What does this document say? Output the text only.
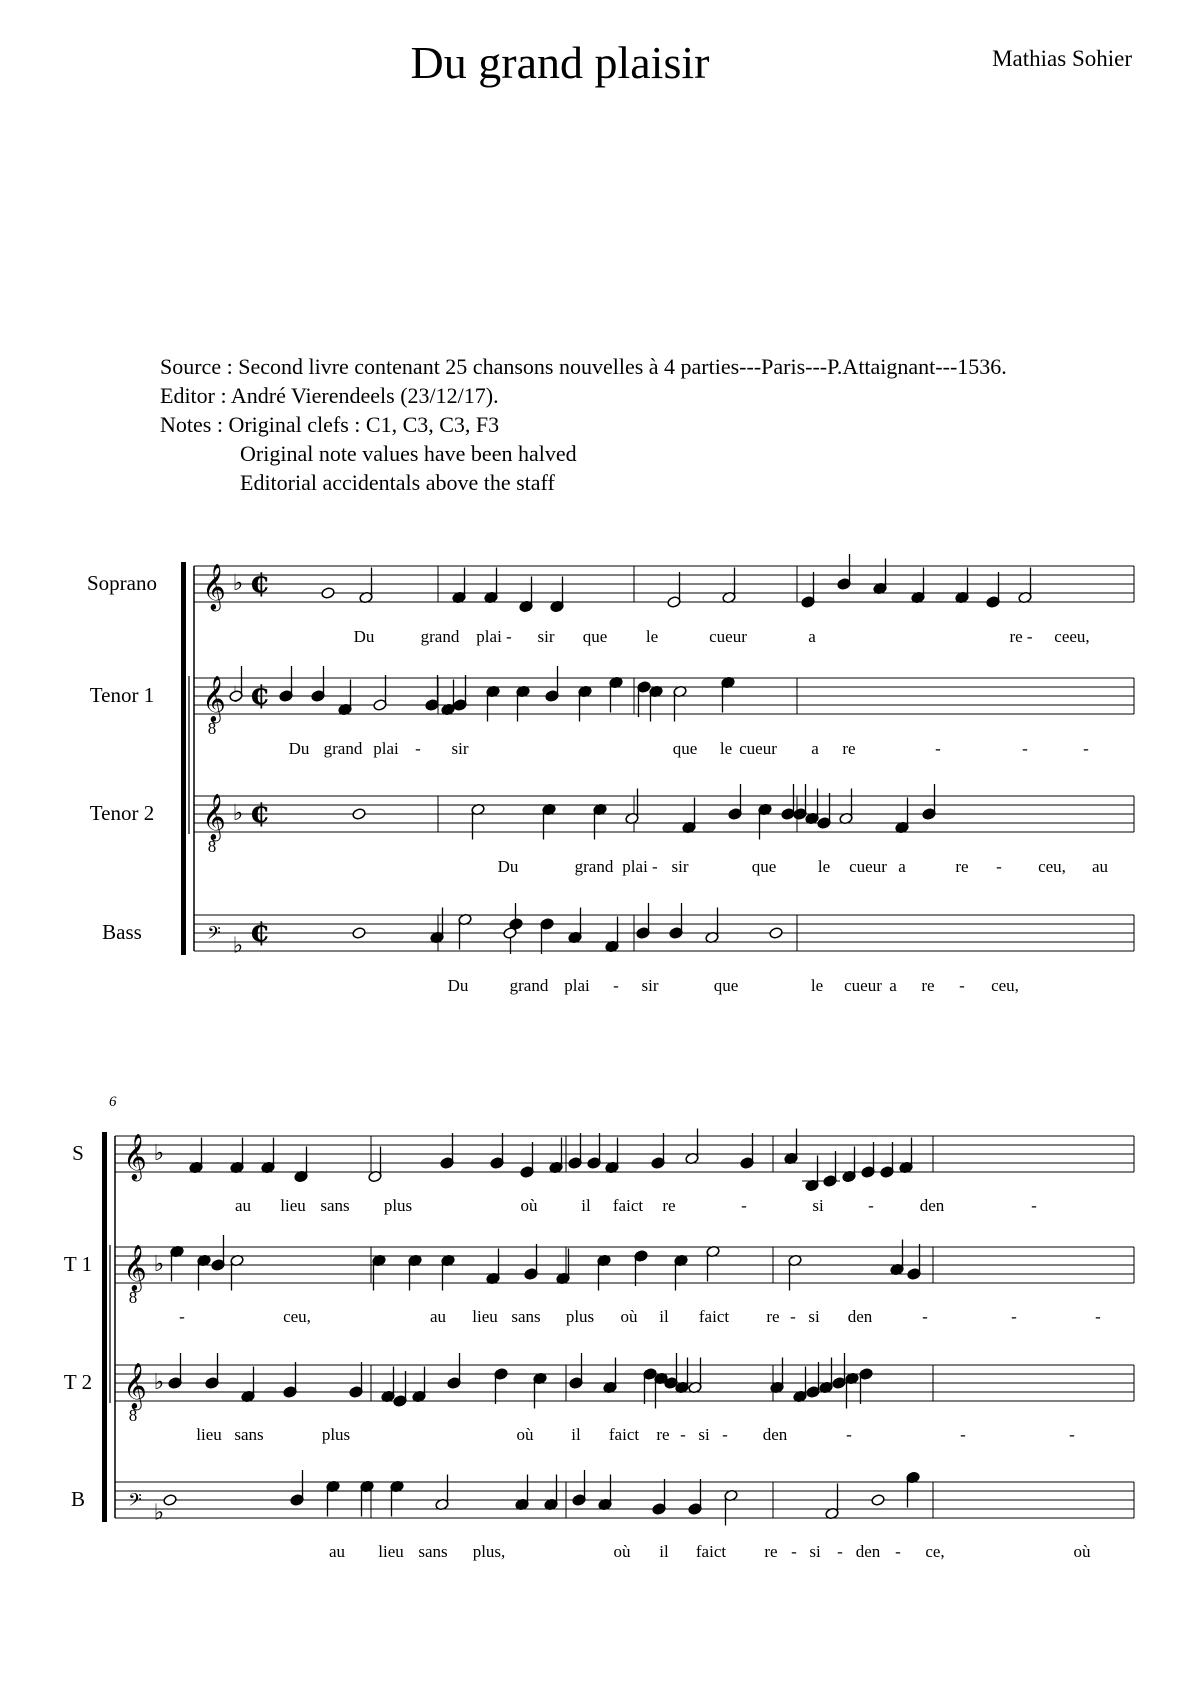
Du grand plaisir	Mathias Sohier
Source : Second livre contenant 25 chansons nouvelles à 4 parties---Paris---P.Attaignant---1536.
Editor : André Vierendeels (23/12/17).
Notes : Original clefs : C1, C3, C3, F3
Original note values have been halved
Editorial accidentals above the staff
𝄞 ♭ ¢
Soprano
Du	grand plai - sir que le	cueur	a	re - ceeu,
𝄞
8
¢
Tenor 1
Du grand plai - sir	que le cueur a re	-	-	-
𝄞
8
♭ ¢
Tenor 2
Du	grand plai - sir	que le cueur a	re - ceu, au
𝄢 ♭ ¢
Bass
Du grand plai - sir	que	le cueur a re - ceu,
6
𝄞 ♭
S
au lieu sans plus	où	il faict re	-	si	-	den	-
𝄞
8
♭
T 1
-	ceu,	au lieu sans plus où il faict re - si den	-	-	-
𝄞
8
♭
T 2
lieu sans	plus	où il faict re - si - den	-	-	-
𝄢 ♭
B
au lieu sans plus,	où il faict re - si - den - ce,	où
